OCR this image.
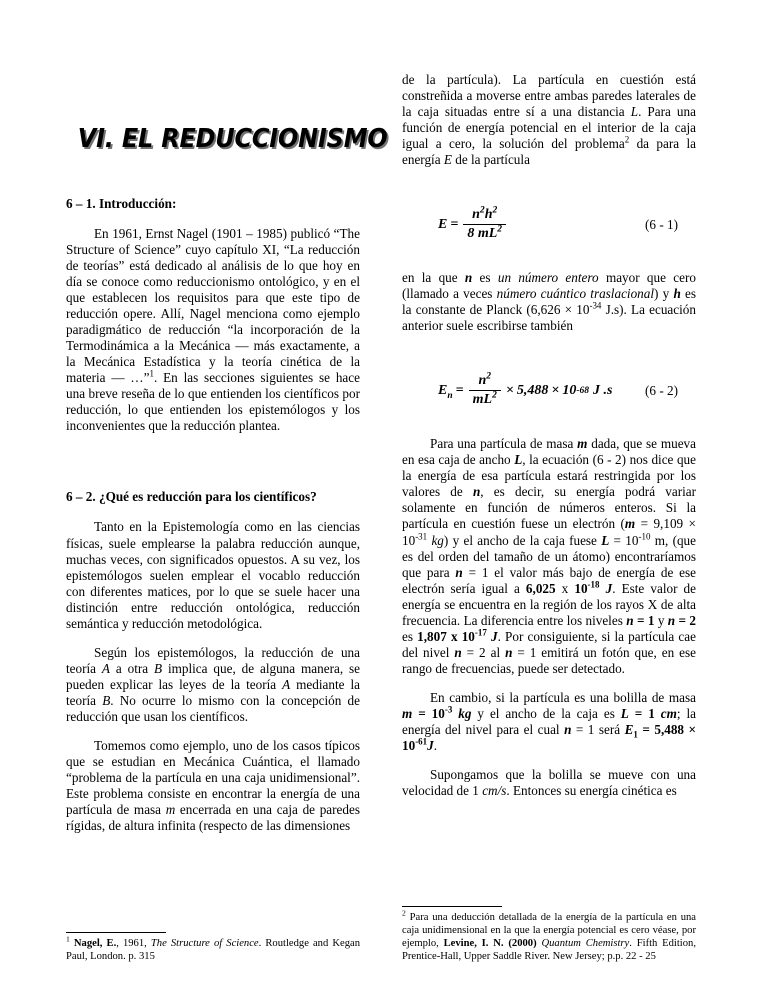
VI. EL REDUCCIONISMO
6 – 1. Introducción:
En 1961, Ernst Nagel (1901 – 1985) publicó “The Structure of Science” cuyo capítulo XI, “La reducción de teorías” está dedicado al análisis de lo que hoy en día se conoce como reduccionismo ontológico, y en el que establecen los requisitos para que este tipo de reducción opere. Allí, Nagel menciona como ejemplo paradigmático de reducción “la incorporación de la Termodinámica a la Mecánica — más exactamente, a la Mecánica Estadística y la teoría cinética de la materia — …”$^1$. En las secciones siguientes se hace una breve reseña de lo que entienden los científicos por reducción, lo que entienden los epistemólogos y los inconvenientes que la reducción plantea.
6 – 2. ¿Qué es reducción para los científicos?
Tanto en la Epistemología como en las ciencias físicas, suele emplearse la palabra reducción aunque, muchas veces, con significados opuestos. A su vez, los epistemólogos suelen emplear el vocablo reducción con diferentes matices, por lo que se suele hacer una distinción entre reducción ontológica, reducción semántica y reducción metodológica.
Según los epistemólogos, la reducción de una teoría A a otra B implica que, de alguna manera, se pueden explicar las leyes de la teoría A mediante la teoría B. No ocurre lo mismo con la concepción de reducción que usan los científicos.
Tomemos como ejemplo, uno de los casos típicos que se estudian en Mecánica Cuántica, el llamado “problema de la partícula en una caja unidimensional”. Este problema consiste en encontrar la energía de una partícula de masa m encerrada en una caja de paredes rígidas, de altura infinita (respecto de las dimensiones

$^1$ Nagel, E., 1961, The Structure of Science. Routledge and Kegan Paul, London. p. 315

de la partícula). La partícula en cuestión está constreñida a moverse entre ambas paredes laterales de la caja situadas entre sí a una distancia L. Para una función de energía potencial en el interior de la caja igual a cero, la solución del problema$^2$ da para la energía E de la partícula
$E = \frac{n^2h^2}{8 mL^2}$	(6 - 1)
en la que n es un número entero mayor que cero (llamado a veces número cuántico traslacional) y h es la constante de Planck ($6,626 \times 10^{-34}$ J.s). La ecuación anterior suele escribirse también
$E_n = \frac{n^2}{mL^2} \times 5,488 \times 10$ -68 J .s (6 - 2)
Para una partícula de masa m dada, que se mueva en esa caja de ancho L, la ecuación (6 - 2) nos dice que la energía de esa partícula estará restringida por los valores de n, es decir, su energía podrá variar solamente en función de números enteros. Si la partícula en cuestión fuese un electrón ($m = 9,109 \times 10^{-31}$ kg) y el ancho de la caja fuese $L = 10^{-10}$ m, (que es del orden del tamaño de un átomo) encontraríamos que para n = 1 el valor más bajo de energía de ese electrón sería igual a 6,025 x $10^{-18}$ J. Este valor de energía se encuentra en la región de los rayos X de alta frecuencia. La diferencia entre los niveles n = 1 y n = 2 es 1,807 x $10^{-17}$ J. Por consiguiente, si la partícula cae del nivel n = 2 al n = 1 emitirá un fotón que, en ese rango de frecuencias, puede ser detectado.
En cambio, si la partícula es una bolilla de masa $m = 10^{-3}$ kg y el ancho de la caja es L = 1 cm; la energía del nivel para el cual n = 1 será $E_1 = 5,488 \times 10^{-61}J$.
Supongamos que la bolilla se mueve con una velocidad de 1 cm/s. Entonces su energía cinética es

$^2$ Para una deducción detallada de la energía de la partícula en una caja unidimensional en la que la energía potencial es cero véase, por ejemplo, Levine, I. N. (2000) Quantum Chemistry. Fifth Edition, Prentice-Hall, Upper Saddle River. New Jersey; p.p. 22 - 25
